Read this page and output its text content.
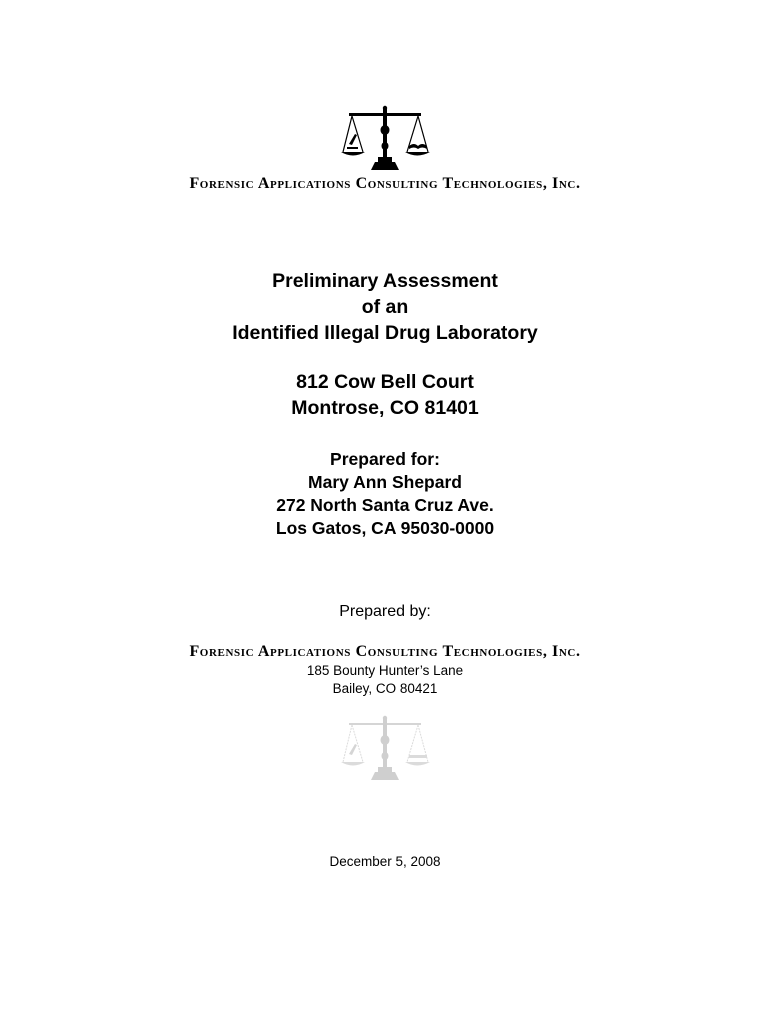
Forensic Applications Consulting Technologies, Inc.
Preliminary Assessment
of an
Identified Illegal Drug Laboratory
812 Cow Bell Court
Montrose, CO 81401
Prepared for:
Mary Ann Shepard
272 North Santa Cruz Ave.
Los Gatos, CA 95030-0000
Prepared by:
Forensic Applications Consulting Technologies, Inc.
185 Bounty Hunter’s Lane
Bailey, CO 80421
December 5, 2008
